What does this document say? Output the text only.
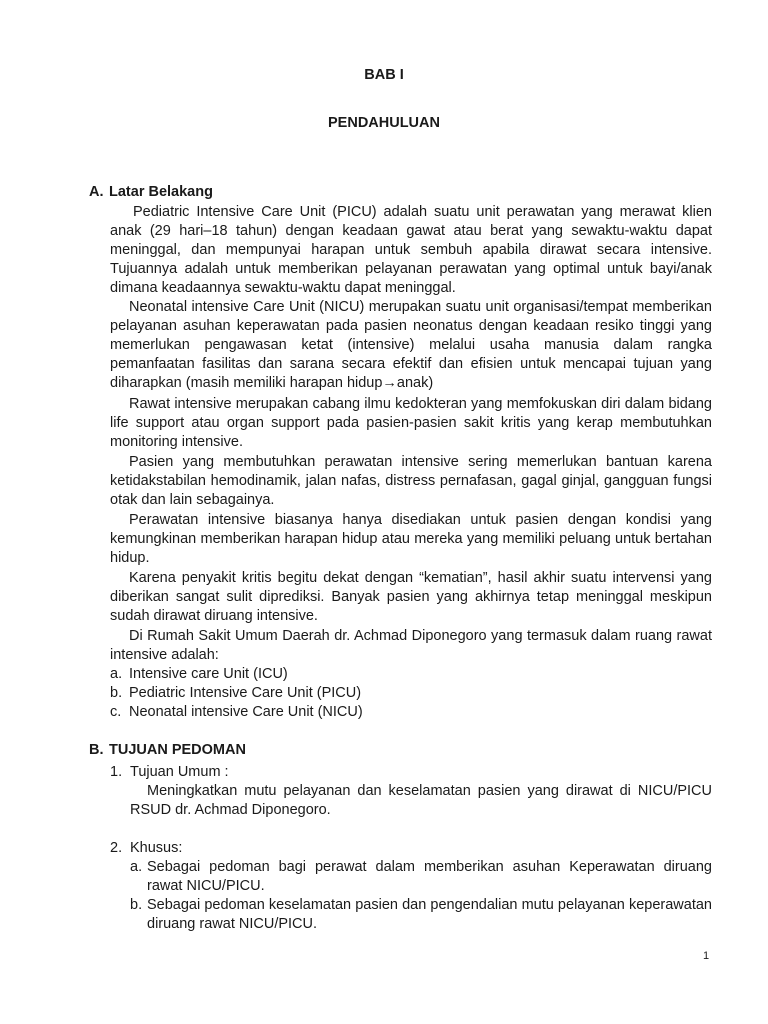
BAB I
PENDAHULUAN
A. Latar Belakang

Pediatric Intensive Care Unit (PICU) adalah suatu unit perawatan yang merawat klien anak (29 hari–18 tahun) dengan keadaan gawat atau berat yang sewaktu-waktu dapat meninggal, dan mempunyai harapan untuk sembuh apabila dirawat secara intensive. Tujuannya adalah untuk memberikan pelayanan perawatan yang optimal untuk bayi/anak dimana keadaannya sewaktu-waktu dapat meninggal.

Neonatal intensive Care Unit (NICU) merupakan suatu unit organisasi/tempat memberikan pelayanan asuhan keperawatan pada pasien neonatus dengan keadaan resiko tinggi yang memerlukan pengawasan ketat (intensive) melalui usaha manusia dalam rangka pemanfaatan fasilitas dan sarana secara efektif dan efisien untuk mencapai tujuan yang diharapkan (masih memiliki harapan hidup→anak)

Rawat intensive merupakan cabang ilmu kedokteran yang memfokuskan diri dalam bidang life support atau organ support pada pasien-pasien sakit kritis yang kerap membutuhkan monitoring intensive.

Pasien yang membutuhkan perawatan intensive sering memerlukan bantuan karena ketidakstabilan hemodinamik, jalan nafas, distress pernafasan, gagal ginjal, gangguan fungsi otak dan lain sebagainya.

Perawatan intensive biasanya hanya disediakan untuk pasien dengan kondisi yang kemungkinan memberikan harapan hidup atau mereka yang memiliki peluang untuk bertahan hidup.

Karena penyakit kritis begitu dekat dengan “kematian”, hasil akhir suatu intervensi yang diberikan sangat sulit diprediksi. Banyak pasien yang akhirnya tetap meninggal meskipun sudah dirawat diruang intensive.

Di Rumah Sakit Umum Daerah dr. Achmad Diponegoro yang termasuk dalam ruang rawat intensive adalah:

a. Intensive care Unit (ICU)
b. Pediatric Intensive Care Unit (PICU)
c. Neonatal intensive Care Unit (NICU)
B. TUJUAN PEDOMAN

1. Tujuan Umum :

Meningkatkan mutu pelayanan dan keselamatan pasien yang dirawat di NICU/PICU RSUD dr. Achmad Diponegoro.

2. Khusus:

a. Sebagai pedoman bagi perawat dalam memberikan asuhan Keperawatan diruang rawat NICU/PICU.
b. Sebagai pedoman keselamatan pasien dan pengendalian mutu pelayanan keperawatan diruang rawat NICU/PICU.

1
